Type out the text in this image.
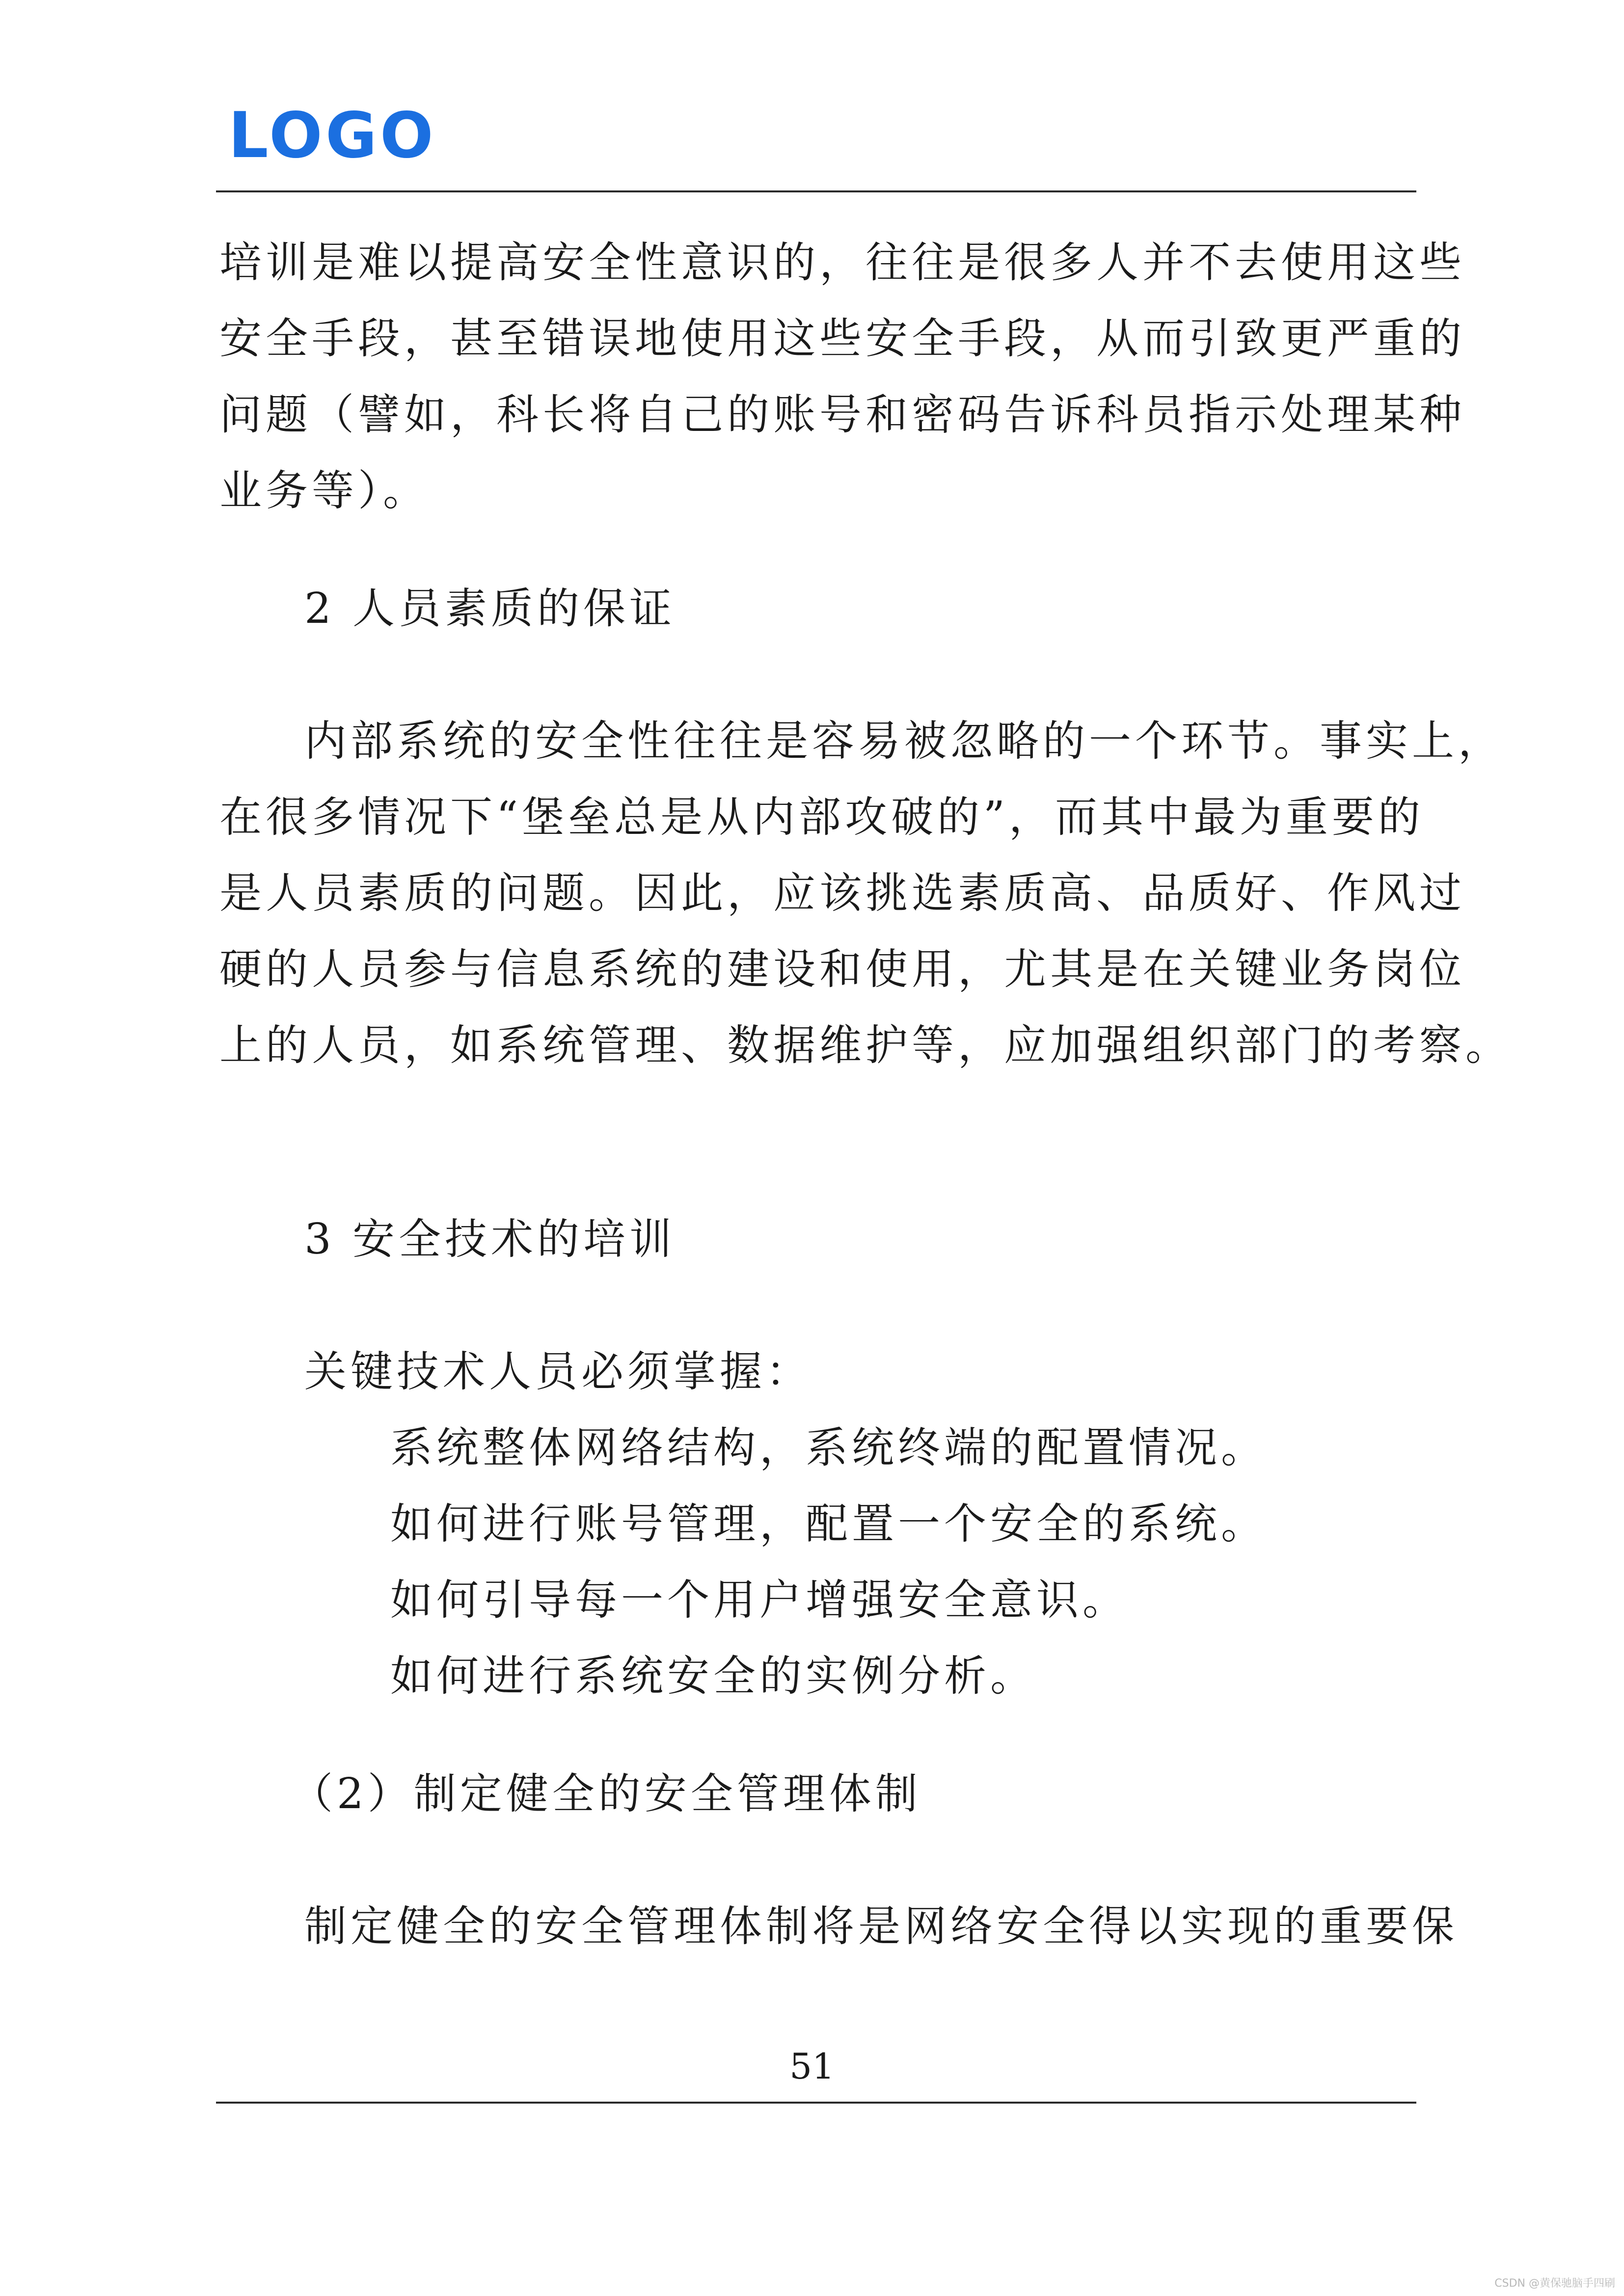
LOGO
培训是难以提高安全性意识的，往往是很多人并不去使用这些
安全手段，甚至错误地使用这些安全手段，从而引致更严重的
问题（譬如，科长将自己的账号和密码告诉科员指示处理某种
业务等）。
2 人员素质的保证
内部系统的安全性往往是容易被忽略的一个环节。事实上，
在很多情况下“堡垒总是从内部攻破的”，而其中最为重要的
是人员素质的问题。因此，应该挑选素质高、品质好、作风过
硬的人员参与信息系统的建设和使用，尤其是在关键业务岗位
上的人员，如系统管理、数据维护等，应加强组织部门的考察。
3 安全技术的培训
关键技术人员必须掌握：
系统整体网络结构，系统终端的配置情况。
如何进行账号管理，配置一个安全的系统。
如何引导每一个用户增强安全意识。
如何进行系统安全的实例分析。
（2）制定健全的安全管理体制
制定健全的安全管理体制将是网络安全得以实现的重要保
51
CSDN @黄保驰脑手四刷
